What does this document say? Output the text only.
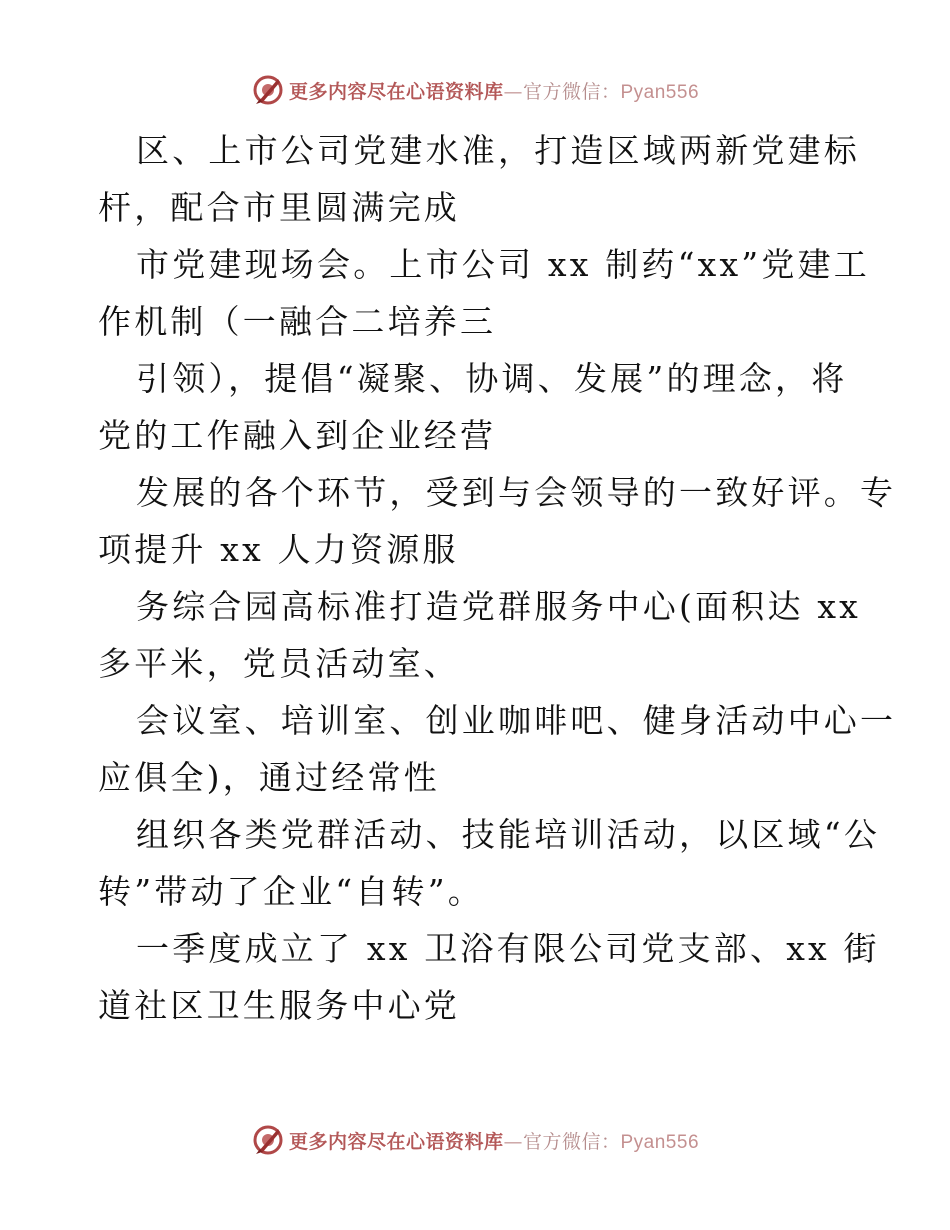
更多内容尽在心语资料库—官方微信：Pyan556
区、上市公司党建水准，打造区域两新党建标
杆，配合市里圆满完成
市党建现场会。上市公司 xx 制药“xx”党建工
作机制（一融合二培养三
引领），提倡“凝聚、协调、发展”的理念，将
党的工作融入到企业经营
发展的各个环节，受到与会领导的一致好评。专
项提升 xx 人力资源服
务综合园高标准打造党群服务中心(面积达 xx
多平米，党员活动室、
会议室、培训室、创业咖啡吧、健身活动中心一
应俱全)，通过经常性
组织各类党群活动、技能培训活动，以区域“公
转”带动了企业“自转”。
一季度成立了 xx 卫浴有限公司党支部、xx 街
道社区卫生服务中心党
更多内容尽在心语资料库—官方微信：Pyan556
